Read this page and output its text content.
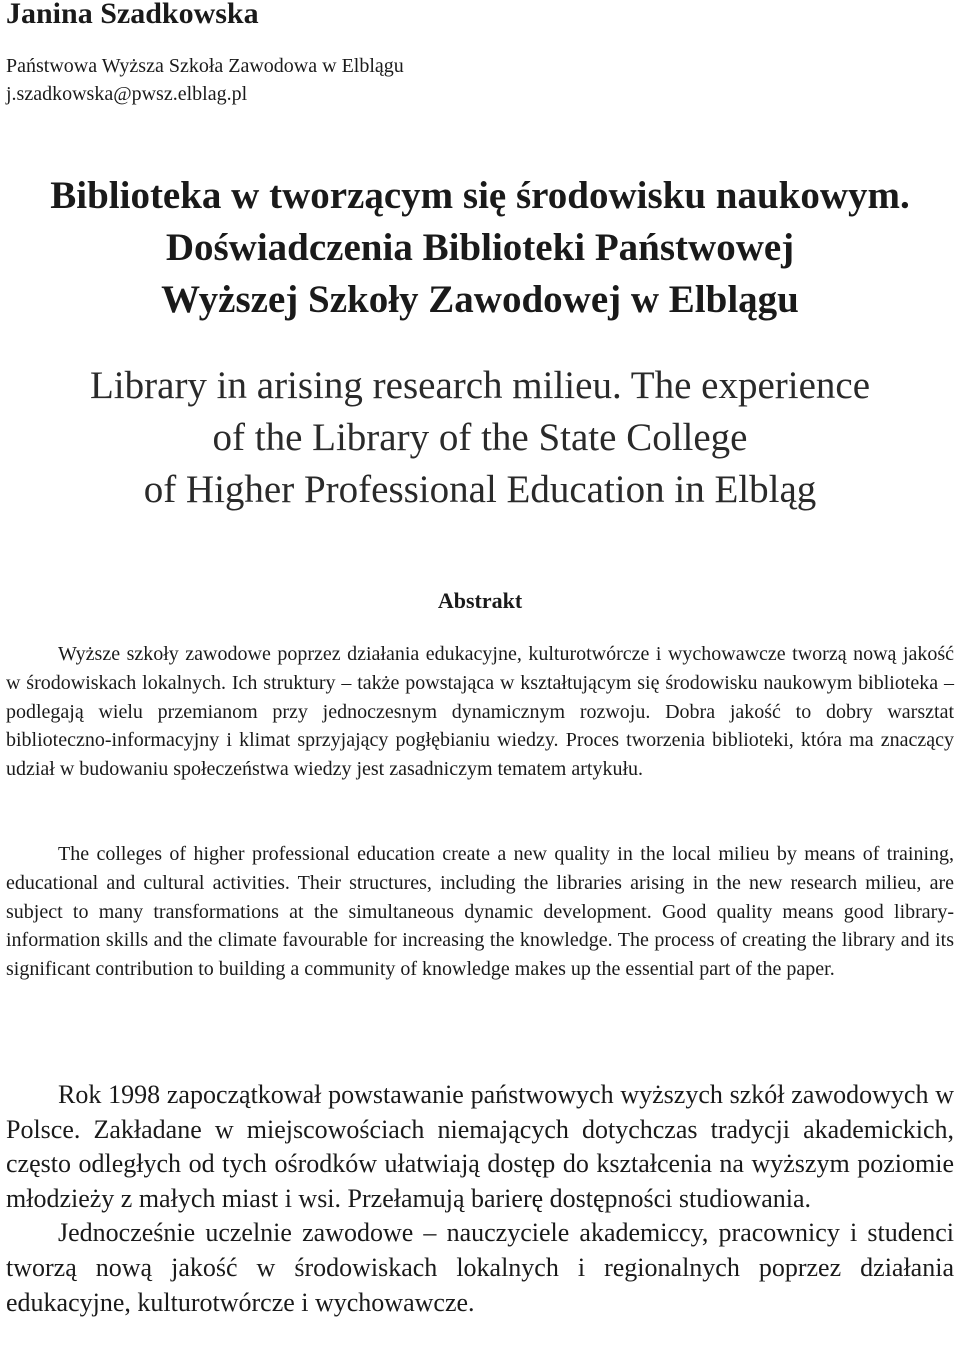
Janina Szadkowska

Państwowa Wyższa Szkoła Zawodowa w Elblągu

j.szadkowska@pwsz.elblag.pl

Biblioteka w tworzącym się środowisku naukowym.
Doświadczenia Biblioteki Państwowej
Wyższej Szkoły Zawodowej w Elblągu
Library in arising research milieu. The experience
of the Library of the State College
of Higher Professional Education in Elbląg
Abstrakt

Wyższe szkoły zawodowe poprzez działania edukacyjne, kulturotwórcze i wychowawcze tworzą nową jakość w środowiskach lokalnych. Ich struktury – także powstająca w kształtującym się środowisku naukowym biblioteka – podlegają wielu przemianom przy jednoczesnym dynamicznym rozwoju. Dobra jakość to dobry warsztat biblioteczno-informacyjny i klimat sprzyjający pogłębianiu wiedzy. Proces tworzenia biblioteki, która ma znaczący udział w budowaniu społeczeństwa wiedzy jest zasadniczym tematem artykułu.

The colleges of higher professional education create a new quality in the local milieu by means of training, educational and cultural activities. Their structures, including the libraries arising in the new research milieu, are subject to many transformations at the simultaneous dynamic development. Good quality means good library-information skills and the climate favourable for increasing the knowledge. The process of creating the library and its significant contribution to building a community of knowledge makes up the essential part of the paper.

Rok 1998 zapoczątkował powstawanie państwowych wyższych szkół zawodowych w Polsce. Zakładane w miejscowościach niemających dotychczas tradycji akademickich, często odległych od tych ośrodków ułatwiają dostęp do kształcenia na wyższym poziomie młodzieży z małych miast i wsi. Przełamują barierę dostępności studiowania.

Jednocześnie uczelnie zawodowe – nauczyciele akademiccy, pracownicy i studenci tworzą nową jakość w środowiskach lokalnych i regionalnych poprzez działania edukacyjne, kulturotwórcze i wychowawcze.
